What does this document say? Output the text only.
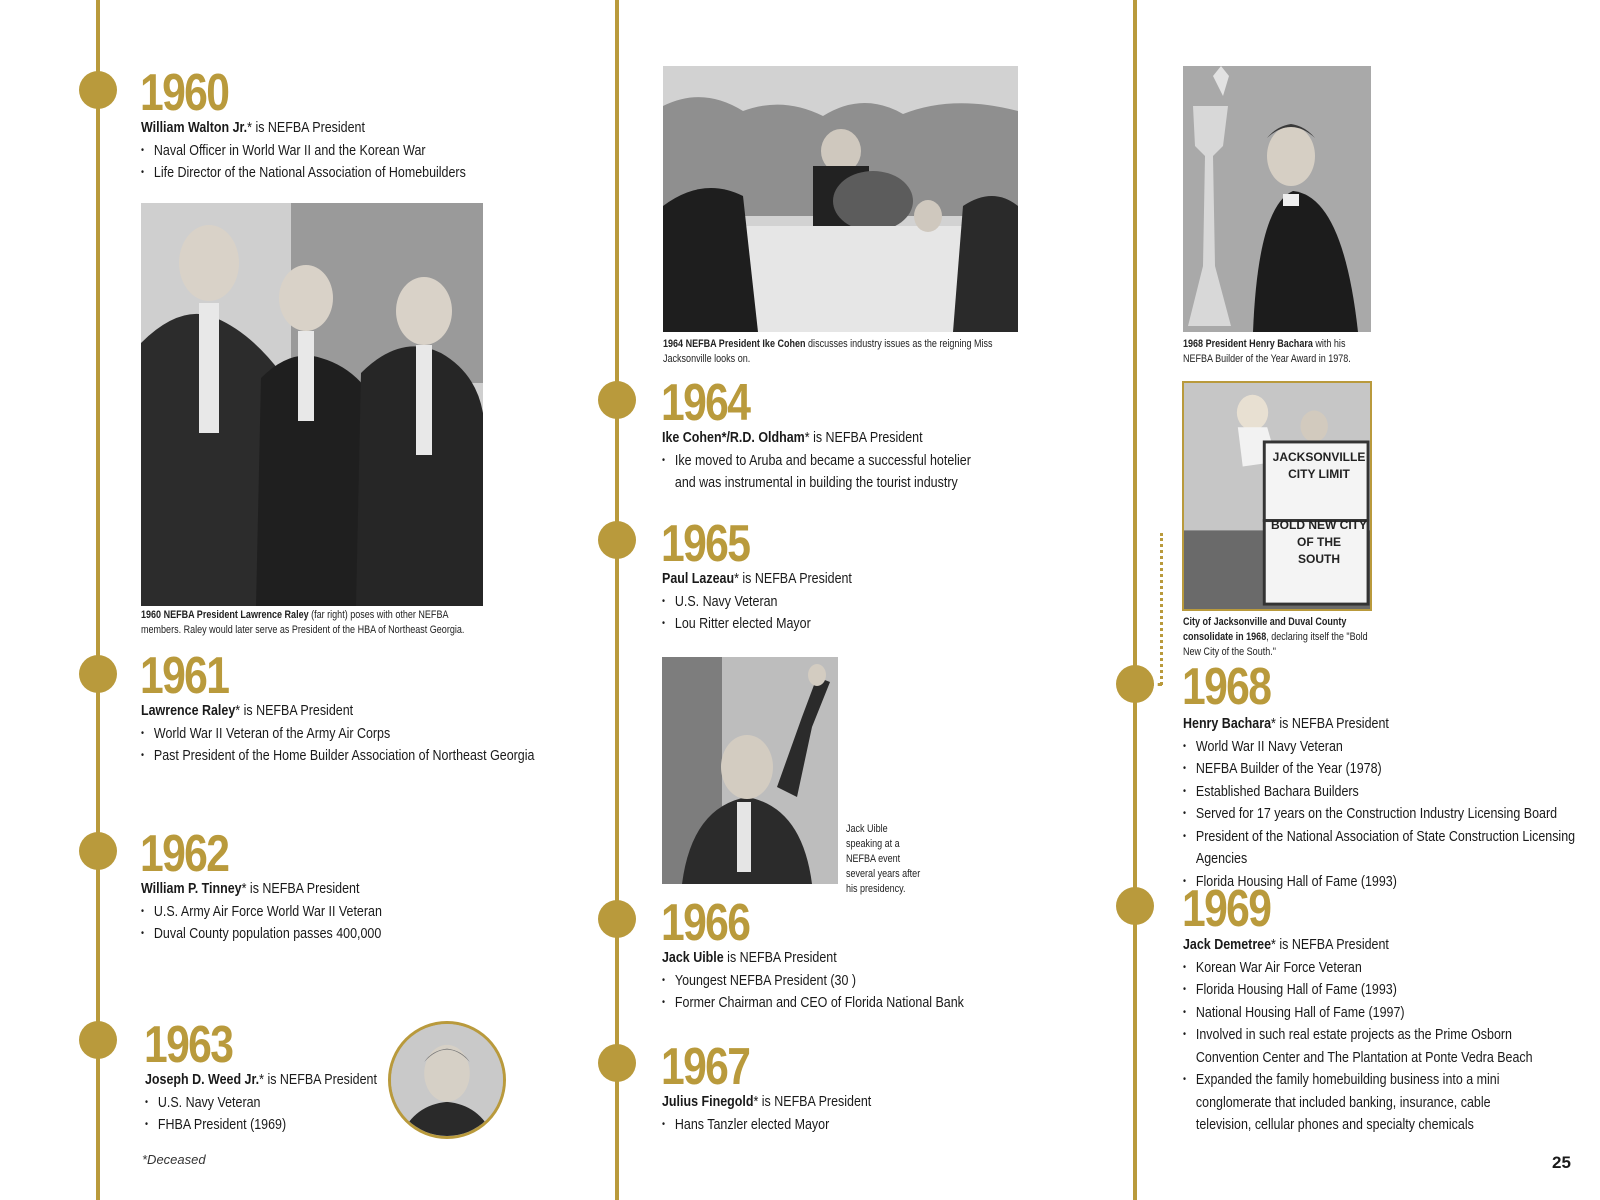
1960

William Walton Jr.* is NEFBA President

• Naval Officer in World War II and the Korean War
• Life Director of the National Association of Homebuilders
1960 NEFBA President Lawrence Raley (far right) poses with other NEFBA members. Raley would later serve as President of the HBA of Northeast Georgia.
1961

Lawrence Raley* is NEFBA President

• World War II Veteran of the Army Air Corps
• Past President of the Home Builder Association of Northeast Georgia
1962

William P. Tinney* is NEFBA President

• U.S. Army Air Force World War II Veteran
• Duval County population passes 400,000
1963

Joseph D. Weed Jr.* is NEFBA President

• U.S. Navy Veteran
• FHBA President (1969)
*Deceased
1964 NEFBA President Ike Cohen discusses industry issues as the reigning Miss Jacksonville looks on.
1964

Ike Cohen*/R.D. Oldham* is NEFBA President

• Ike moved to Aruba and became a successful hotelier and was instrumental in building the tourist industry
1965

Paul Lazeau* is NEFBA President

• U.S. Navy Veteran
• Lou Ritter elected Mayor
Jack Uible speaking at a NEFBA event several years after his presidency.
1966

Jack Uible is NEFBA President

• Youngest NEFBA President (30 )
• Former Chairman and CEO of Florida National Bank
1967

Julius Finegold* is NEFBA President

• Hans Tanzler elected Mayor
1968 President Henry Bachara with his NEFBA Builder of the Year Award in 1978.
JACKSONVILLE
CITY LIMIT
BOLD NEW CITY
OF THE
SOUTH
City of Jacksonville and Duval County consolidate in 1968, declaring itself the "Bold New City of the South."
1968

Henry Bachara* is NEFBA President

• World War II Navy Veteran
• NEFBA Builder of the Year (1978)
• Established Bachara Builders
• Served for 17 years on the Construction Industry Licensing Board
• President of the National Association of State Construction Licensing Agencies
• Florida Housing Hall of Fame (1993)
1969

Jack Demetree* is NEFBA President

• Korean War Air Force Veteran
• Florida Housing Hall of Fame (1993)
• National Housing Hall of Fame (1997)
• Involved in such real estate projects as the Prime Osborn Convention Center and The Plantation at Ponte Vedra Beach
• Expanded the family homebuilding business into a mini conglomerate that included banking, insurance, cable television, cellular phones and specialty chemicals
25
